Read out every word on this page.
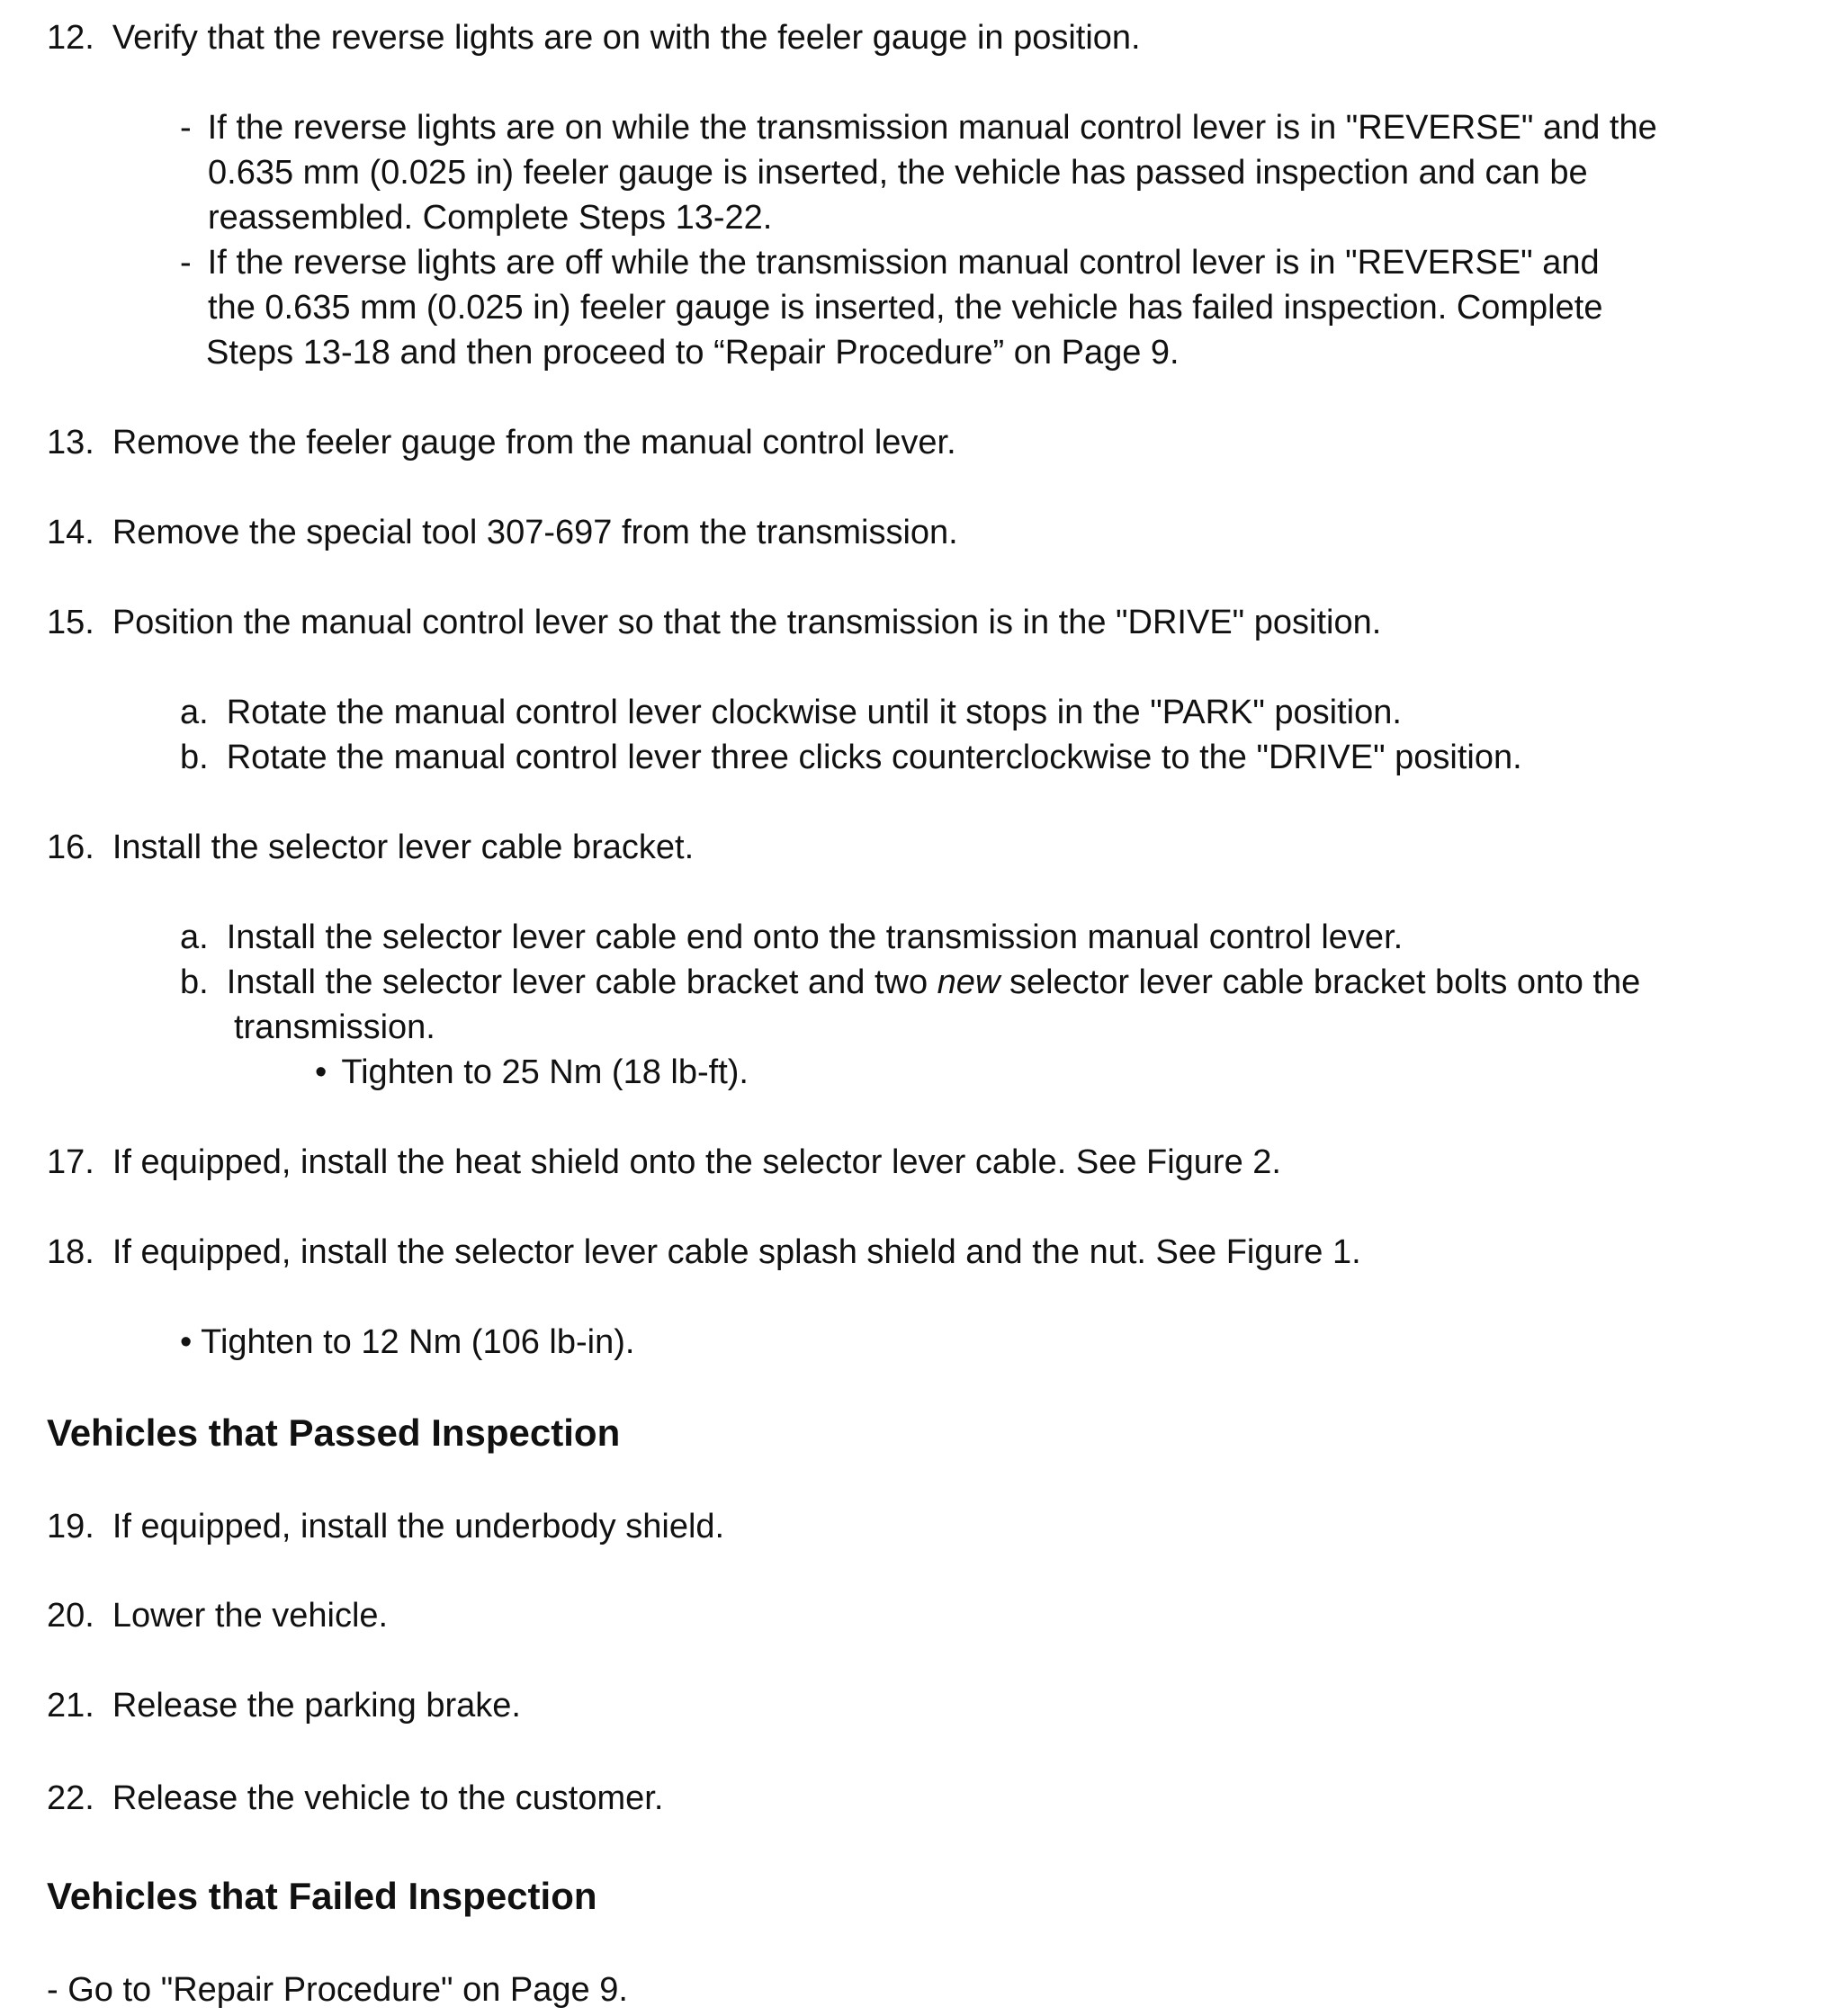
12. Verify that the reverse lights are on with the feeler gauge in position.

- If the reverse lights are on while the transmission manual control lever is in "REVERSE" and the

0.635 mm (0.025 in) feeler gauge is inserted, the vehicle has passed inspection and can be

reassembled. Complete Steps 13-22.

- If the reverse lights are off while the transmission manual control lever is in "REVERSE" and

the 0.635 mm (0.025 in) feeler gauge is inserted, the vehicle has failed inspection. Complete

Steps 13-18 and then proceed to “Repair Procedure” on Page 9.

13. Remove the feeler gauge from the manual control lever.

14. Remove the special tool 307-697 from the transmission.

15. Position the manual control lever so that the transmission is in the "DRIVE" position.

a. Rotate the manual control lever clockwise until it stops in the "PARK" position.

b. Rotate the manual control lever three clicks counterclockwise to the "DRIVE" position.

16. Install the selector lever cable bracket.

a. Install the selector lever cable end onto the transmission manual control lever.

b. Install the selector lever cable bracket and two new selector lever cable bracket bolts onto the

transmission.

• Tighten to 25 Nm (18 lb-ft).

17. If equipped, install the heat shield onto the selector lever cable. See Figure 2.

18. If equipped, install the selector lever cable splash shield and the nut. See Figure 1.

• Tighten to 12 Nm (106 lb-in).

Vehicles that Passed Inspection

19. If equipped, install the underbody shield.

20. Lower the vehicle.

21. Release the parking brake.

22. Release the vehicle to the customer.

Vehicles that Failed Inspection

- Go to "Repair Procedure" on Page 9.
